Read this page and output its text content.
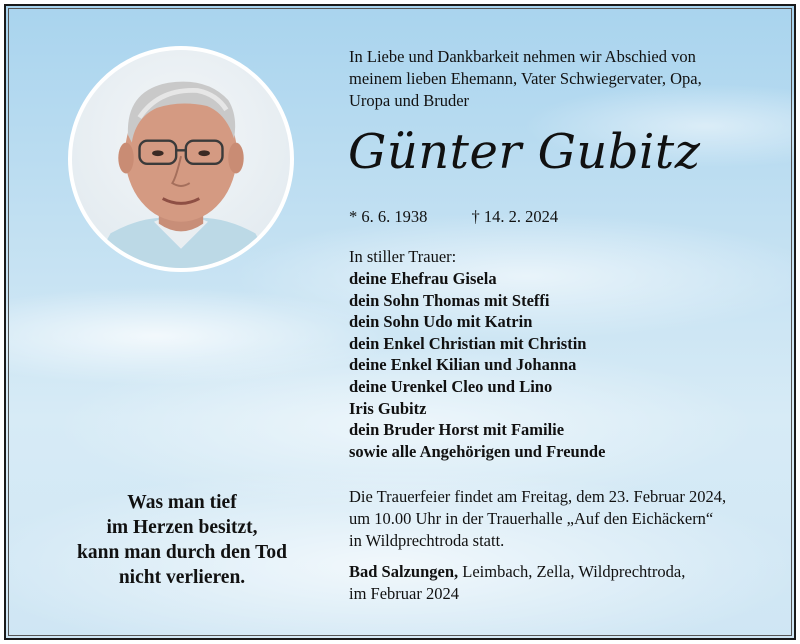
In Liebe und Dankbarkeit nehmen wir Abschied von
meinem lieben Ehemann, Vater Schwiegervater, Opa,
Uropa und Bruder
Günter Gubitz
* 6. 6. 1938	† 14. 2. 2024
In stiller Trauer:
deine Ehefrau Gisela
dein Sohn Thomas mit Steffi
dein Sohn Udo mit Katrin
dein Enkel Christian mit Christin
deine Enkel Kilian und Johanna
deine Urenkel Cleo und Lino
Iris Gubitz
dein Bruder Horst mit Familie
sowie alle Angehörigen und Freunde
Die Trauerfeier findet am Freitag, dem 23. Februar 2024,
um 10.00 Uhr in der Trauerhalle „Auf den Eichäckern“
in Wildprechtroda statt.
Bad Salzungen, Leimbach, Zella, Wildprechtroda,
im Februar 2024
Was man tief
im Herzen besitzt,
kann man durch den Tod
nicht verlieren.
